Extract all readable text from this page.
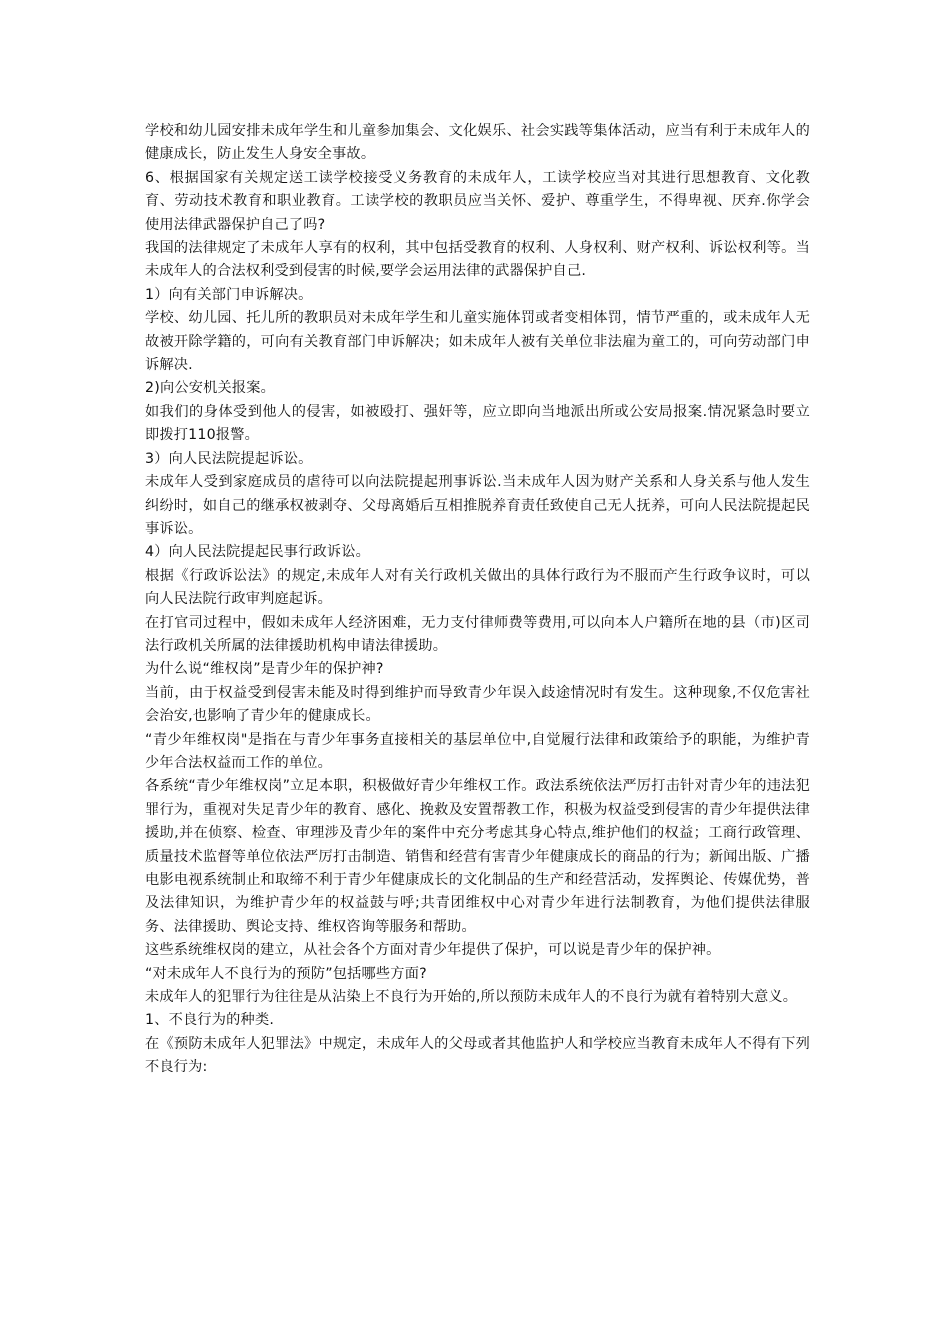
学校和幼儿园安排未成年学生和儿童参加集会、文化娱乐、社会实践等集体活动，应当有利于未成年人的健康成长，防止发生人身安全事故。

6、根据国家有关规定送工读学校接受义务教育的未成年人，工读学校应当对其进行思想教育、文化教育、劳动技术教育和职业教育。工读学校的教职员应当关怀、爱护、尊重学生，不得卑视、厌弃.你学会使用法律武器保护自己了吗?

我国的法律规定了未成年人享有的权利，其中包括受教育的权利、人身权利、财产权利、诉讼权利等。当未成年人的合法权利受到侵害的时候,要学会运用法律的武器保护自己.

1）向有关部门申诉解决。

学校、幼儿园、托儿所的教职员对未成年学生和儿童实施体罚或者变相体罚，情节严重的，或未成年人无故被开除学籍的，可向有关教育部门申诉解决；如未成年人被有关单位非法雇为童工的，可向劳动部门申诉解决.

2)向公安机关报案。

如我们的身体受到他人的侵害，如被殴打、强奸等，应立即向当地派出所或公安局报案.情况紧急时要立即拨打110报警。

3）向人民法院提起诉讼。

未成年人受到家庭成员的虐待可以向法院提起刑事诉讼.当未成年人因为财产关系和人身关系与他人发生纠纷时，如自己的继承权被剥夺、父母离婚后互相推脱养育责任致使自己无人抚养，可向人民法院提起民事诉讼。

4）向人民法院提起民事行政诉讼。

根据《行政诉讼法》的规定,未成年人对有关行政机关做出的具体行政行为不服而产生行政争议时，可以向人民法院行政审判庭起诉。

在打官司过程中，假如未成年人经济困难，无力支付律师费等费用,可以向本人户籍所在地的县（市)区司法行政机关所属的法律援助机构申请法律援助。

为什么说“维权岗”是青少年的保护神?

当前，由于权益受到侵害未能及时得到维护而导致青少年误入歧途情况时有发生。这种现象,不仅危害社会治安,也影响了青少年的健康成长。

“青少年维权岗"是指在与青少年事务直接相关的基层单位中,自觉履行法律和政策给予的职能，为维护青少年合法权益而工作的单位。

各系统“青少年维权岗”立足本职，积极做好青少年维权工作。政法系统依法严厉打击针对青少年的违法犯罪行为，重视对失足青少年的教育、感化、挽救及安置帮教工作，积极为权益受到侵害的青少年提供法律援助,并在侦察、检查、审理涉及青少年的案件中充分考虑其身心特点,维护他们的权益；工商行政管理、质量技术监督等单位依法严厉打击制造、销售和经营有害青少年健康成长的商品的行为；新闻出版、广播电影电视系统制止和取缔不利于青少年健康成长的文化制品的生产和经营活动，发挥舆论、传媒优势，普及法律知识，为维护青少年的权益鼓与呼;共青团维权中心对青少年进行法制教育，为他们提供法律服务、法律援助、舆论支持、维权咨询等服务和帮助。

这些系统维权岗的建立，从社会各个方面对青少年提供了保护，可以说是青少年的保护神。

“对未成年人不良行为的预防”包括哪些方面?

未成年人的犯罪行为往往是从沾染上不良行为开始的,所以预防未成年人的不良行为就有着特别大意义。

1、不良行为的种类.

在《预防未成年人犯罪法》中规定，未成年人的父母或者其他监护人和学校应当教育未成年人不得有下列不良行为:
